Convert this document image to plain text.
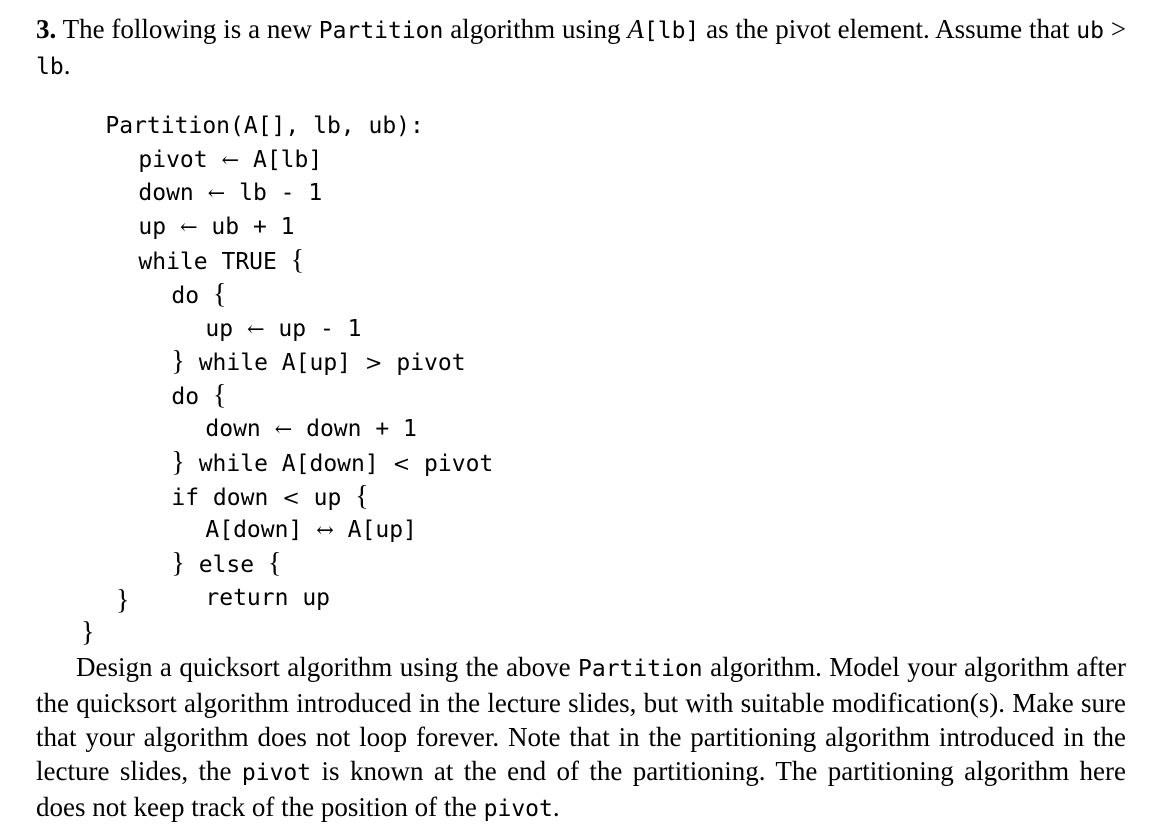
3. The following is a new Partition algorithm using A[lb] as the pivot element. Assume that ub > lb.

Partition(A[], lb, ub):

pivot ← A[lb]

down ← lb - 1

up ← ub + 1

while TRUE {

do {

up ← up - 1

} while A[up] > pivot

do {

down ← down + 1

} while A[down] < pivot

if down < up {

A[down] ↔ A[up]

} else {

return up

}
}
Design a quicksort algorithm using the above Partition algorithm. Model your algorithm after the quicksort algorithm introduced in the lecture slides, but with suitable modification(s). Make sure that your algorithm does not loop forever. Note that in the partitioning algorithm introduced in the lecture slides, the pivot is known at the end of the partitioning. The partitioning algorithm here does not keep track of the position of the pivot.
